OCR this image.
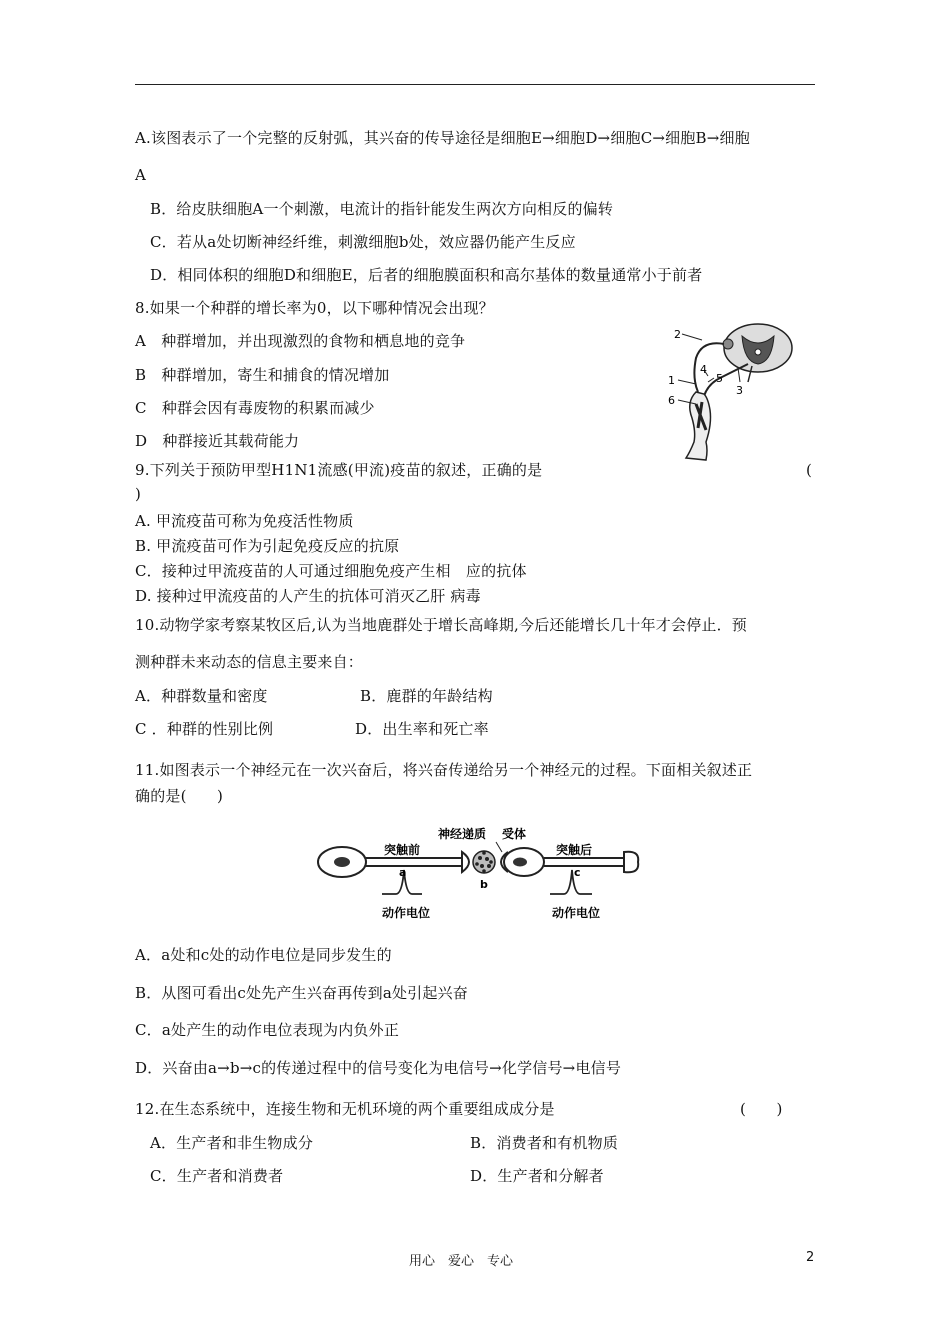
A.该图表示了一个完整的反射弧，其兴奋的传导途径是细胞E→细胞D→细胞C→细胞B→细胞
A
B．给皮肤细胞A一个刺激，电流计的指针能发生两次方向相反的偏转
C．若从a处切断神经纤维，刺激细胞b处，效应器仍能产生反应
D．相同体积的细胞D和细胞E，后者的细胞膜面积和高尔基体的数量通常小于前者
8.如果一个种群的增长率为0，以下哪种情况会出现？
A　种群增加，并出现激烈的食物和栖息地的竞争
B　种群增加，寄生和捕食的情况增加
C　种群会因有毒废物的积累而减少
D　种群接近其载荷能力
2
4
5
1
3
6
9.下列关于预防甲型H1N1流感(甲流)疫苗的叙述，正确的是	(
)
A. 甲流疫苗可称为免疫活性物质
B. 甲流疫苗可作为引起免疫反应的抗原
C．接种过甲流疫苗的人可通过细胞免疫产生相　应的抗体
D. 接种过甲流疫苗的人产生的抗体可消灭乙肝 病毒
10.动物学家考察某牧区后,认为当地鹿群处于增长高峰期,今后还能增长几十年才会停止．预
测种群未来动态的信息主要来自：
A．种群数量和密度	B．鹿群的年龄结构
C ．种群的性别比例	D．出生率和死亡率
11.如图表示一个神经元在一次兴奋后，将兴奋传递给另一个神经元的过程。下面相关叙述正
确的是(　　)
神经递质 受体
突触前	突触后
a
b
c
动作电位	动作电位
A．a处和c处的动作电位是同步发生的
B．从图可看出c处先产生兴奋再传到a处引起兴奋
C．a处产生的动作电位表现为内负外正
D．兴奋由a→b→c的传递过程中的信号变化为电信号→化学信号→电信号
12.在生态系统中，连接生物和无机环境的两个重要组成成分是	(　　)
A．生产者和非生物成分	B．消费者和有机物质
C．生产者和消费者	D．生产者和分解者
用心　爱心　专心	2
